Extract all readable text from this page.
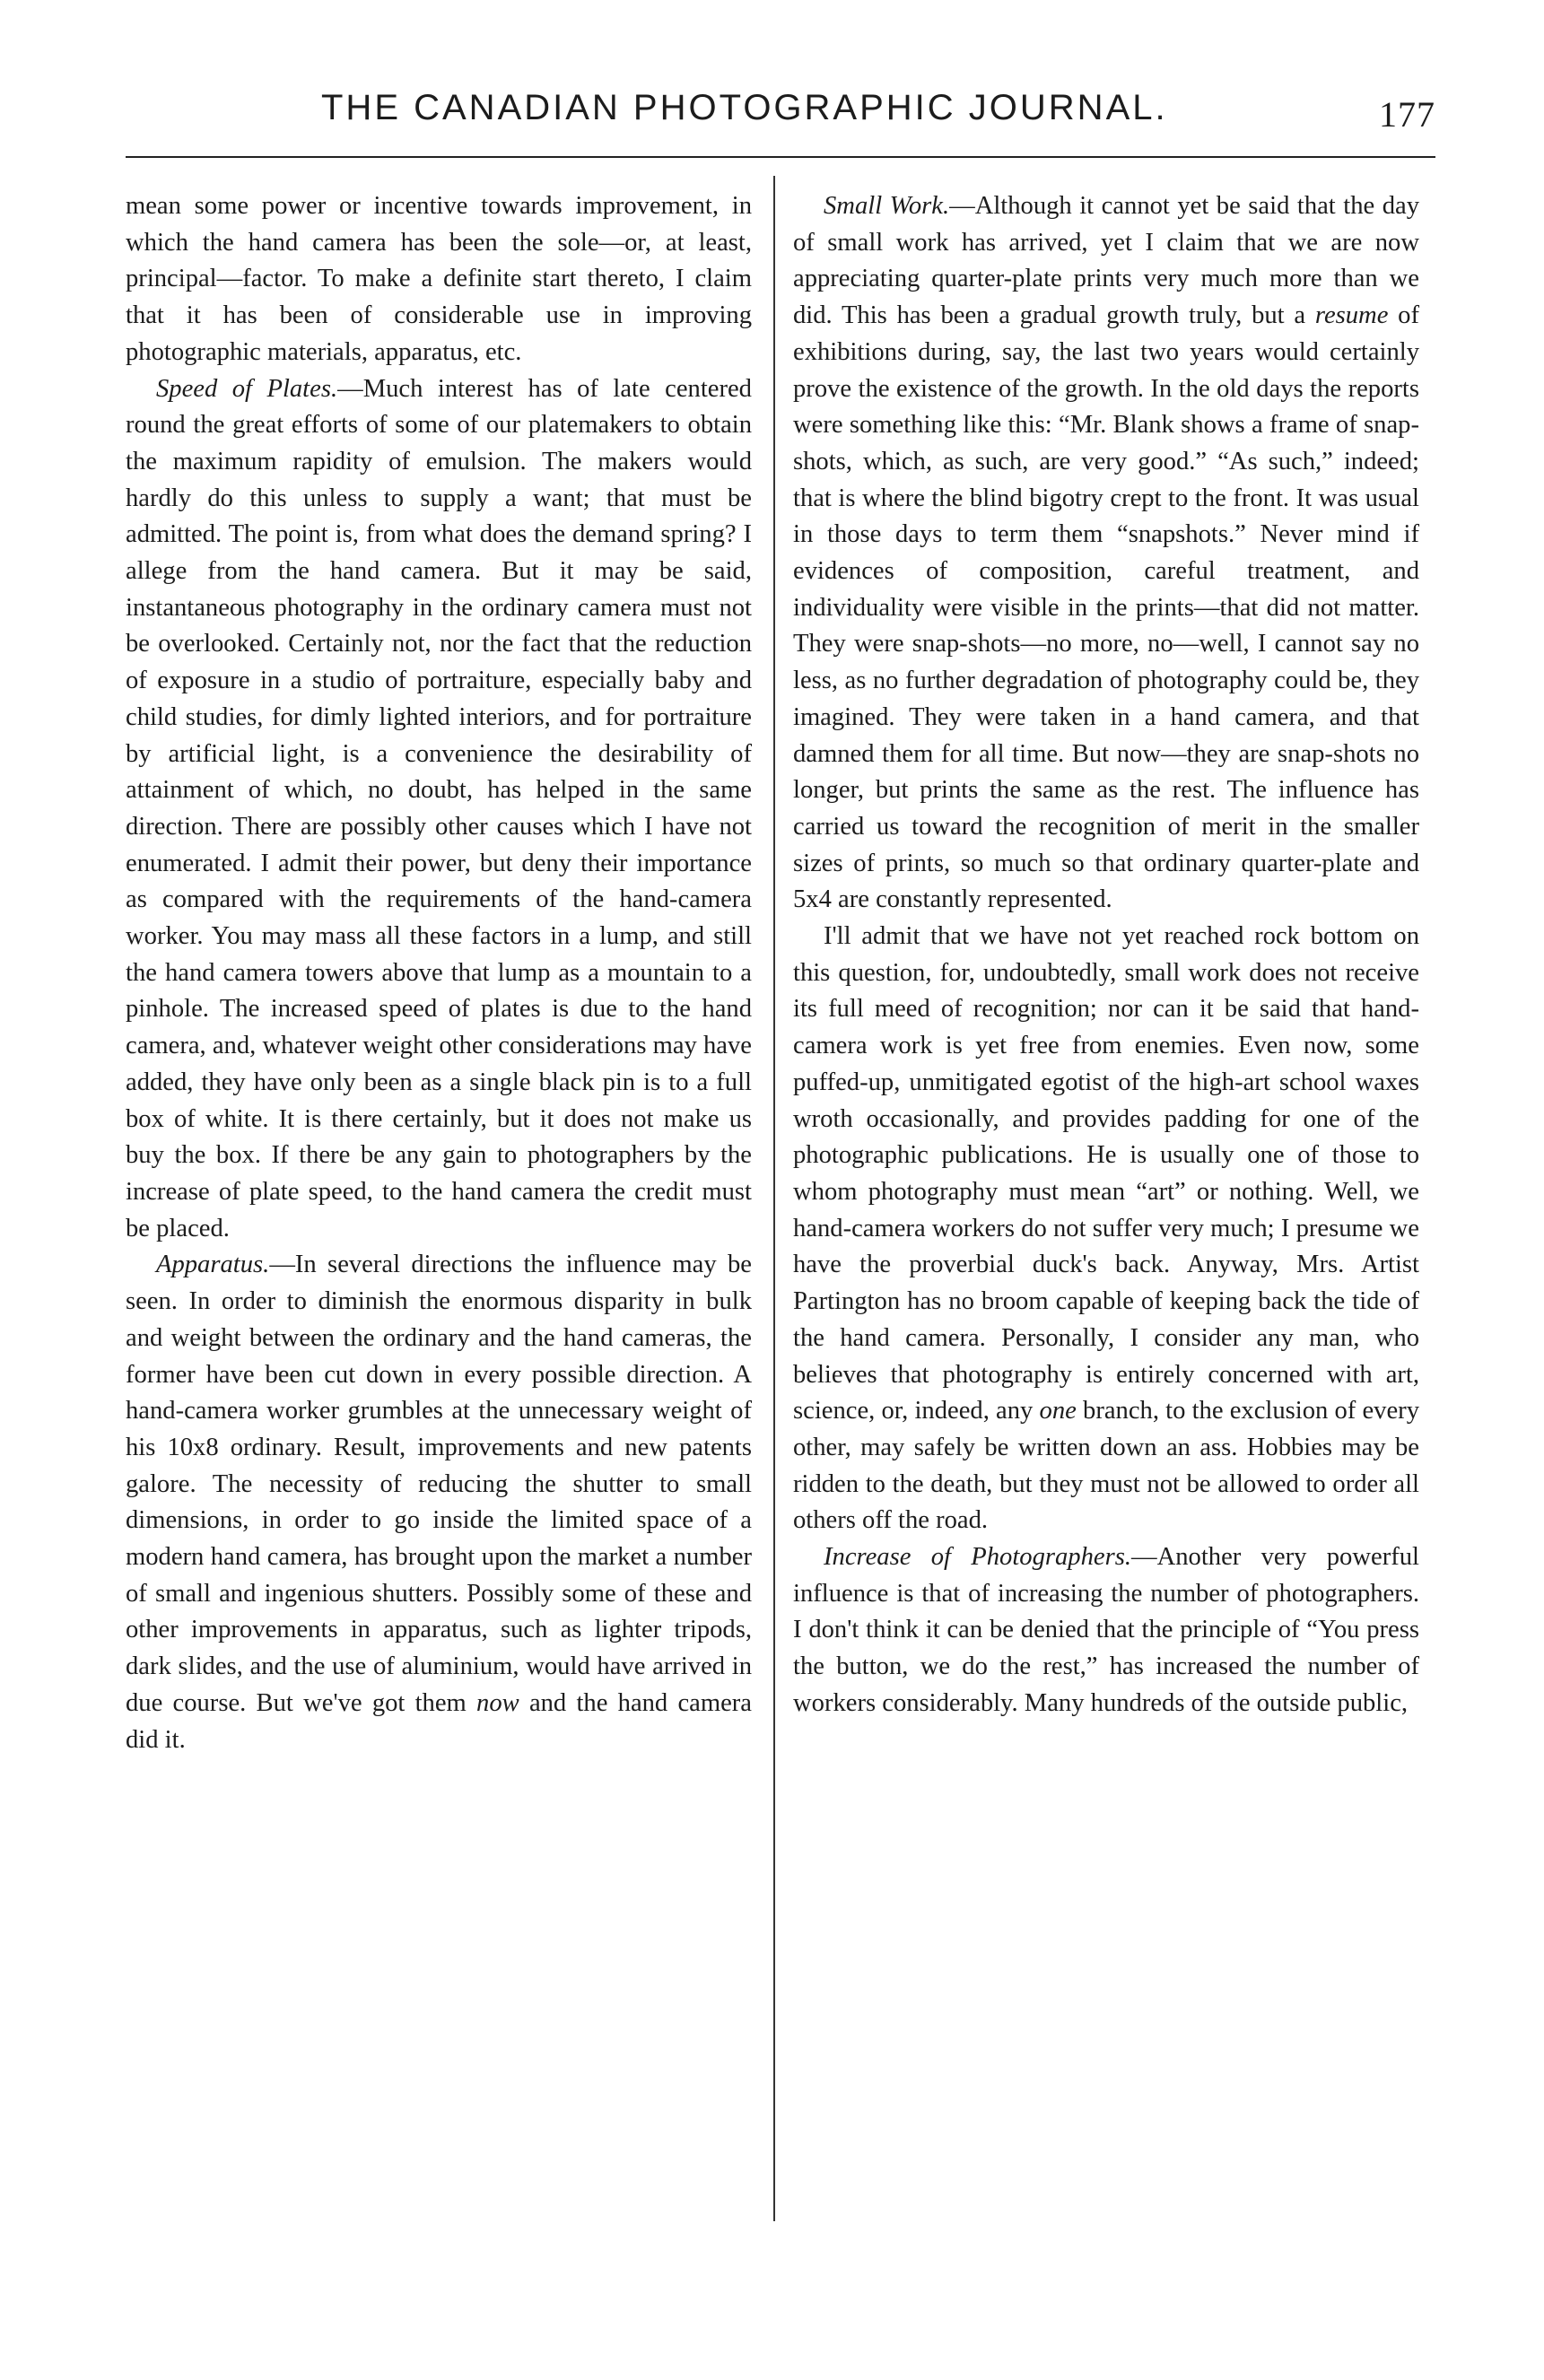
THE CANADIAN PHOTOGRAPHIC JOURNAL.	177

mean some power or incentive towards improvement, in which the hand camera has been the sole—or, at least, principal—factor. To make a definite start thereto, I claim that it has been of considerable use in improving photographic materials, apparatus, etc.

Speed of Plates.—Much interest has of late centered round the great efforts of some of our platemakers to obtain the maximum rapidity of emulsion. The makers would hardly do this unless to supply a want; that must be admitted. The point is, from what does the demand spring? I allege from the hand camera. But it may be said, instantaneous photography in the ordinary camera must not be overlooked. Certainly not, nor the fact that the reduction of exposure in a studio of portraiture, especially baby and child studies, for dimly lighted interiors, and for portraiture by artificial light, is a convenience the desirability of attainment of which, no doubt, has helped in the same direction. There are possibly other causes which I have not enumerated. I admit their power, but deny their importance as compared with the requirements of the hand-camera worker. You may mass all these factors in a lump, and still the hand camera towers above that lump as a mountain to a pinhole. The increased speed of plates is due to the hand camera, and, whatever weight other considerations may have added, they have only been as a single black pin is to a full box of white. It is there certainly, but it does not make us buy the box. If there be any gain to photographers by the increase of plate speed, to the hand camera the credit must be placed.

Apparatus.—In several directions the influence may be seen. In order to diminish the enormous disparity in bulk and weight between the ordinary and the hand cameras, the former have been cut down in every possible direction. A hand-camera worker grumbles at the unnecessary weight of his 10x8 ordinary. Result, improvements and new patents galore. The necessity of reducing the shutter to small dimensions, in order to go inside the limited space of a modern hand camera, has brought upon the market a number of small and ingenious shutters. Possibly some of these and other improvements in apparatus, such as lighter tripods, dark slides, and the use of aluminium, would have arrived in due course. But we've got them now and the hand camera did it.

Small Work.—Although it cannot yet be said that the day of small work has arrived, yet I claim that we are now appreciating quarter-plate prints very much more than we did. This has been a gradual growth truly, but a resume of exhibitions during, say, the last two years would certainly prove the existence of the growth. In the old days the reports were something like this: “Mr. Blank shows a frame of snap-shots, which, as such, are very good.” “As such,” indeed; that is where the blind bigotry crept to the front. It was usual in those days to term them “snapshots.” Never mind if evidences of composition, careful treatment, and individuality were visible in the prints—that did not matter. They were snap-shots—no more, no—well, I cannot say no less, as no further degradation of photography could be, they imagined. They were taken in a hand camera, and that damned them for all time. But now—they are snap-shots no longer, but prints the same as the rest. The influence has carried us toward the recognition of merit in the smaller sizes of prints, so much so that ordinary quarter-plate and 5x4 are constantly represented.

I'll admit that we have not yet reached rock bottom on this question, for, undoubtedly, small work does not receive its full meed of recognition; nor can it be said that hand-camera work is yet free from enemies. Even now, some puffed-up, unmitigated egotist of the high-art school waxes wroth occasionally, and provides padding for one of the photographic publications. He is usually one of those to whom photography must mean “art” or nothing. Well, we hand-camera workers do not suffer very much; I presume we have the proverbial duck's back. Anyway, Mrs. Artist Partington has no broom capable of keeping back the tide of the hand camera. Personally, I consider any man, who believes that photography is entirely concerned with art, science, or, indeed, any one branch, to the exclusion of every other, may safely be written down an ass. Hobbies may be ridden to the death, but they must not be allowed to order all others off the road.

Increase of Photographers.—Another very powerful influence is that of increasing the number of photographers. I don't think it can be denied that the principle of “You press the button, we do the rest,” has increased the number of workers considerably. Many hundreds of the outside public,
